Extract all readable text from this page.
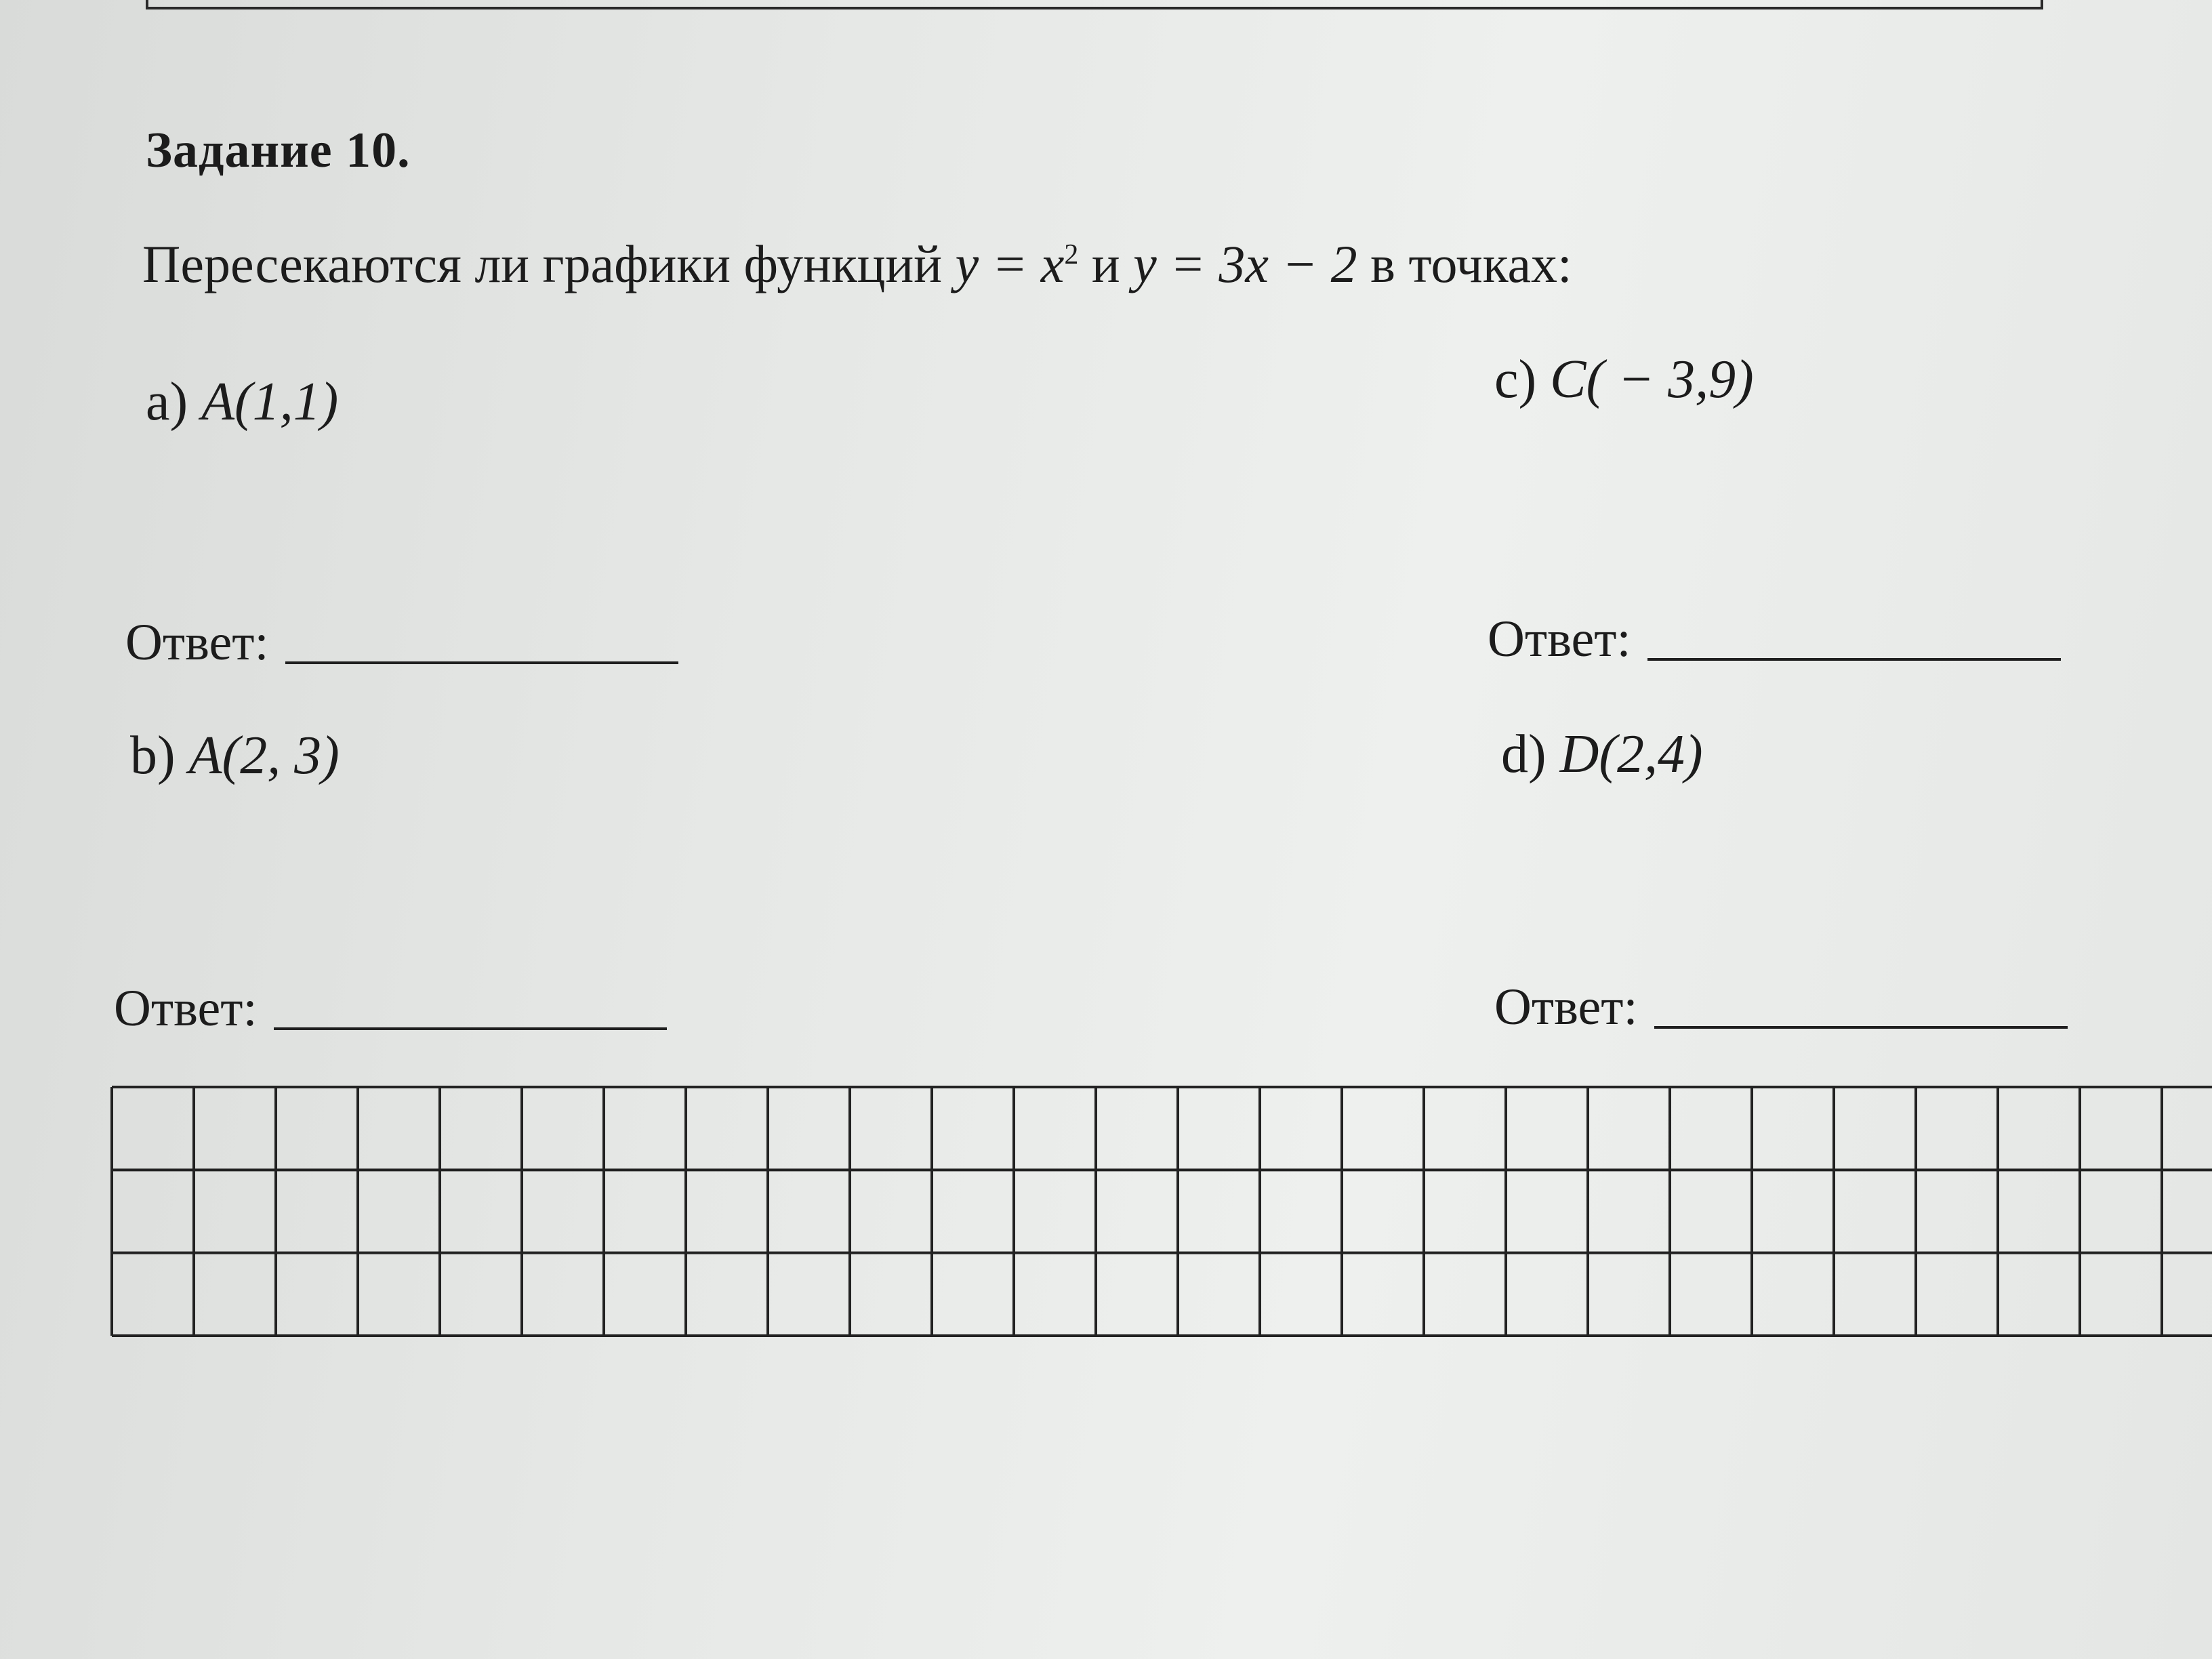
Задание 10.
Пересекаются ли графики функций $y = x^2$ и y = 3x − 2 в точках:
a) A(1,1)	c) C( − 3,9)
Ответ:	Ответ:
b) A(2, 3)	d) D(2,4)
Ответ:	Ответ:
